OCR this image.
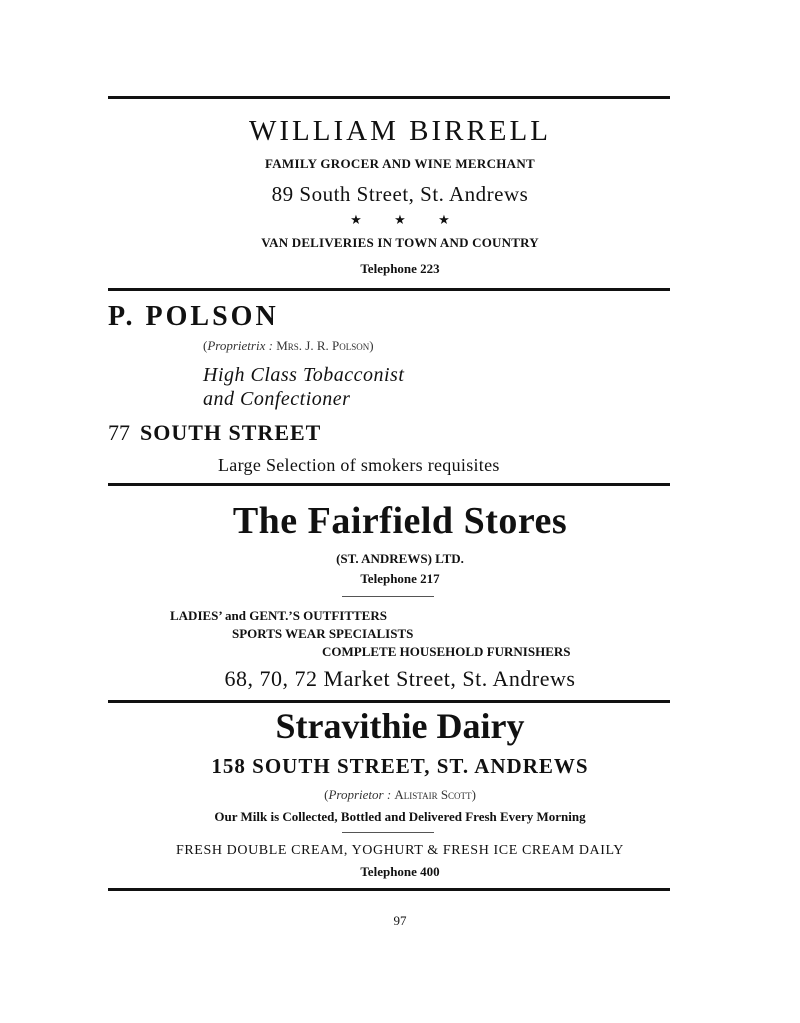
WILLIAM BIRRELL
FAMILY GROCER AND WINE MERCHANT
89 South Street, St. Andrews
★ ★ ★
VAN DELIVERIES IN TOWN AND COUNTRY
Telephone 223
P. POLSON
(Proprietrix : Mrs. J. R. Polson)
High Class Tobacconist
and Confectioner
77 SOUTH STREET
Large Selection of smokers requisites
The Fairfield Stores
(ST. ANDREWS) LTD.
Telephone 217
LADIES’ and GENT.’S OUTFITTERS
SPORTS WEAR SPECIALISTS
COMPLETE HOUSEHOLD FURNISHERS
68, 70, 72 Market Street, St. Andrews
Stravithie Dairy
158 SOUTH STREET, ST. ANDREWS
(Proprietor : Alistair Scott)
Our Milk is Collected, Bottled and Delivered Fresh Every Morning
FRESH DOUBLE CREAM, YOGHURT & FRESH ICE CREAM DAILY
Telephone 400
97
